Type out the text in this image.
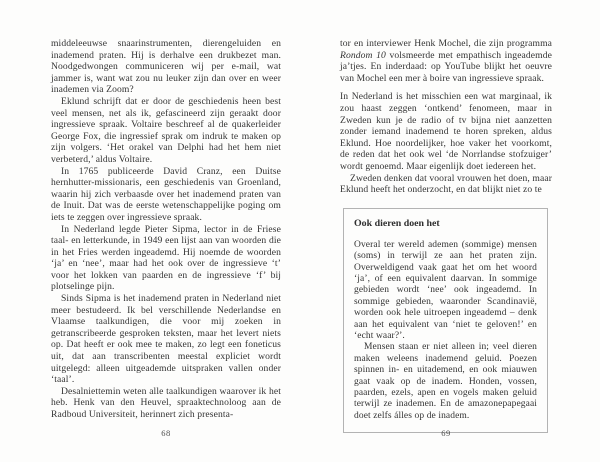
middeleeuwse snaarinstrumenten, dierengeluiden en inademend praten. Hij is derhalve een drukbezet man. Noodgedwongen communiceren wij per e-mail, wat jammer is, want wat zou nu leuker zijn dan over en weer inademen via Zoom?

Eklund schrijft dat er door de geschiedenis heen best veel mensen, net als ik, gefascineerd zijn geraakt door ingressieve spraak. Voltaire beschreef al de quakerleider George Fox, die ingressief sprak om indruk te maken op zijn volgers. ‘Het orakel van Delphi had het hem niet verbeterd,’ aldus Voltaire.

In 1765 publiceerde David Cranz, een Duitse hernhutter-missionaris, een geschiedenis van Groenland, waarin hij zich verbaasde over het inademend praten van de Inuit. Dat was de eerste wetenschappelijke poging om iets te zeggen over ingressieve spraak.

In Nederland legde Pieter Sipma, lector in de Friese taal- en letterkunde, in 1949 een lijst aan van woorden die in het Fries werden ingeademd. Hij noemde de woorden ‘ja’ en ‘nee’, maar had het ook over de ingressieve ‘t’ voor het lokken van paarden en de ingressieve ‘f’ bij plotselinge pijn.

Sinds Sipma is het inademend praten in Nederland niet meer bestudeerd. Ik bel verschillende Nederlandse en Vlaamse taalkundigen, die voor mij zoeken in getranscribeerde gesproken teksten, maar het levert niets op. Dat heeft er ook mee te maken, zo legt een foneticus uit, dat aan transcribenten meestal expliciet wordt uitgelegd: alleen uitgeademde uitspraken vallen onder ‘taal’.

Desalniettemin weten alle taalkundigen waarover ik het heb. Henk van den Heuvel, spraaktechnoloog aan de Radboud Universiteit, herinnert zich presenta-

tor en interviewer Henk Mochel, die zijn programma Rondom 10 volsmeerde met empathisch ingeademde ja’tjes. En inderdaad: op YouTube blijkt het oeuvre van Mochel een mer à boire van ingressieve spraak.

In Nederland is het misschien een wat marginaal, ik zou haast zeggen ‘ontkend’ fenomeen, maar in Zweden kun je de radio of tv bijna niet aanzetten zonder iemand inademend te horen spreken, aldus Eklund. Hoe noordelijker, hoe vaker het voorkomt, de reden dat het ook wel ‘de Norrlandse stofzuiger’ wordt genoemd. Maar eigenlijk doet iedereen het.

Zweden denken dat vooral vrouwen het doen, maar Eklund heeft het onderzocht, en dat blijkt niet zo te

Ook dieren doen het

Overal ter wereld ademen (sommige) mensen (soms) in terwijl ze aan het praten zijn. Overweldigend vaak gaat het om het woord ‘ja’, of een equivalent daarvan. In sommige gebieden wordt ‘nee’ ook ingeademd. In sommige gebieden, waaronder Scandinavië, worden ook hele uitroepen ingeademd – denk aan het equivalent van ‘niet te geloven!’ en ‘echt waar?’.

Mensen staan er niet alleen in; veel dieren maken weleens inademend geluid. Poezen spinnen in- en uitademend, en ook miauwen gaat vaak op de inadem. Honden, vossen, paarden, ezels, apen en vogels maken geluid terwijl ze inademen. En de amazonepapegaai doet zelfs álles op de inadem.

68	69
